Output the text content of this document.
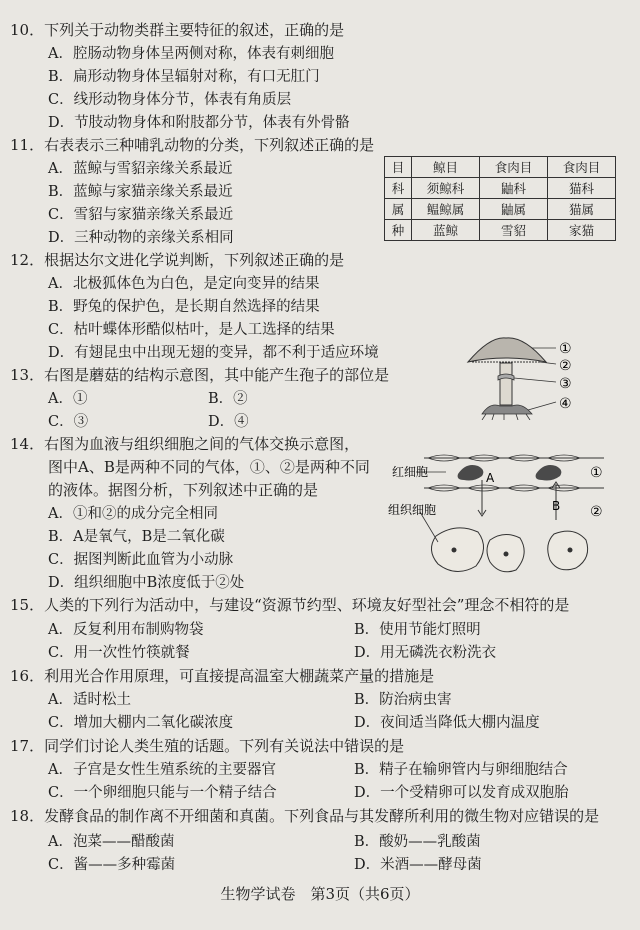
10．下列关于动物类群主要特征的叙述，正确的是
A．腔肠动物身体呈两侧对称，体表有刺细胞
B．扁形动物身体呈辐射对称，有口无肛门
C．线形动物身体分节，体表有角质层
D．节肢动物身体和附肢都分节，体表有外骨骼
11．右表表示三种哺乳动物的分类，下列叙述正确的是
A．蓝鲸与雪貂亲缘关系最近
B．蓝鲸与家猫亲缘关系最近
C．雪貂与家猫亲缘关系最近
D．三种动物的亲缘关系相同
目	鲸目	食肉目	食肉目
科	须鲸科	鼬科	猫科
属	鳁鲸属	鼬属	猫属
种	蓝鲸	雪貂	家猫
12．根据达尔文进化学说判断，下列叙述正确的是
A．北极狐体色为白色，是定向变异的结果
B．野兔的保护色，是长期自然选择的结果
C．枯叶蝶体形酷似枯叶，是人工选择的结果
D．有翅昆虫中出现无翅的变异，都不利于适应环境
13．右图是蘑菇的结构示意图，其中能产生孢子的部位是
A．①	B．②
C．③	D．④
①
②
③
④
14．右图为血液与组织细胞之间的气体交换示意图，
图中A、B是两种不同的气体，①、②是两种不同
的液体。据图分析，下列叙述中正确的是
A．①和②的成分完全相同
B．A是氧气，B是二氧化碳
C．据图判断此血管为小动脉
D．组织细胞中B浓度低于②处
红细胞	A
B
①
②
组织细胞
15．人类的下列行为活动中，与建设“资源节约型、环境友好型社会”理念不相符的是
A．反复利用布制购物袋	B．使用节能灯照明
C．用一次性竹筷就餐	D．用无磷洗衣粉洗衣
16．利用光合作用原理，可直接提高温室大棚蔬菜产量的措施是
A．适时松土	B．防治病虫害
C．增加大棚内二氧化碳浓度	D．夜间适当降低大棚内温度
17．同学们讨论人类生殖的话题。下列有关说法中错误的是
A．子宫是女性生殖系统的主要器官	B．精子在输卵管内与卵细胞结合
C．一个卵细胞只能与一个精子结合	D．一个受精卵可以发育成双胞胎
18．发酵食品的制作离不开细菌和真菌。下列食品与其发酵所利用的微生物对应错误的是
A．泡菜——醋酸菌	B．酸奶——乳酸菌
C．酱——多种霉菌	D．米酒——酵母菌
生物学试卷　第3页（共6页）
